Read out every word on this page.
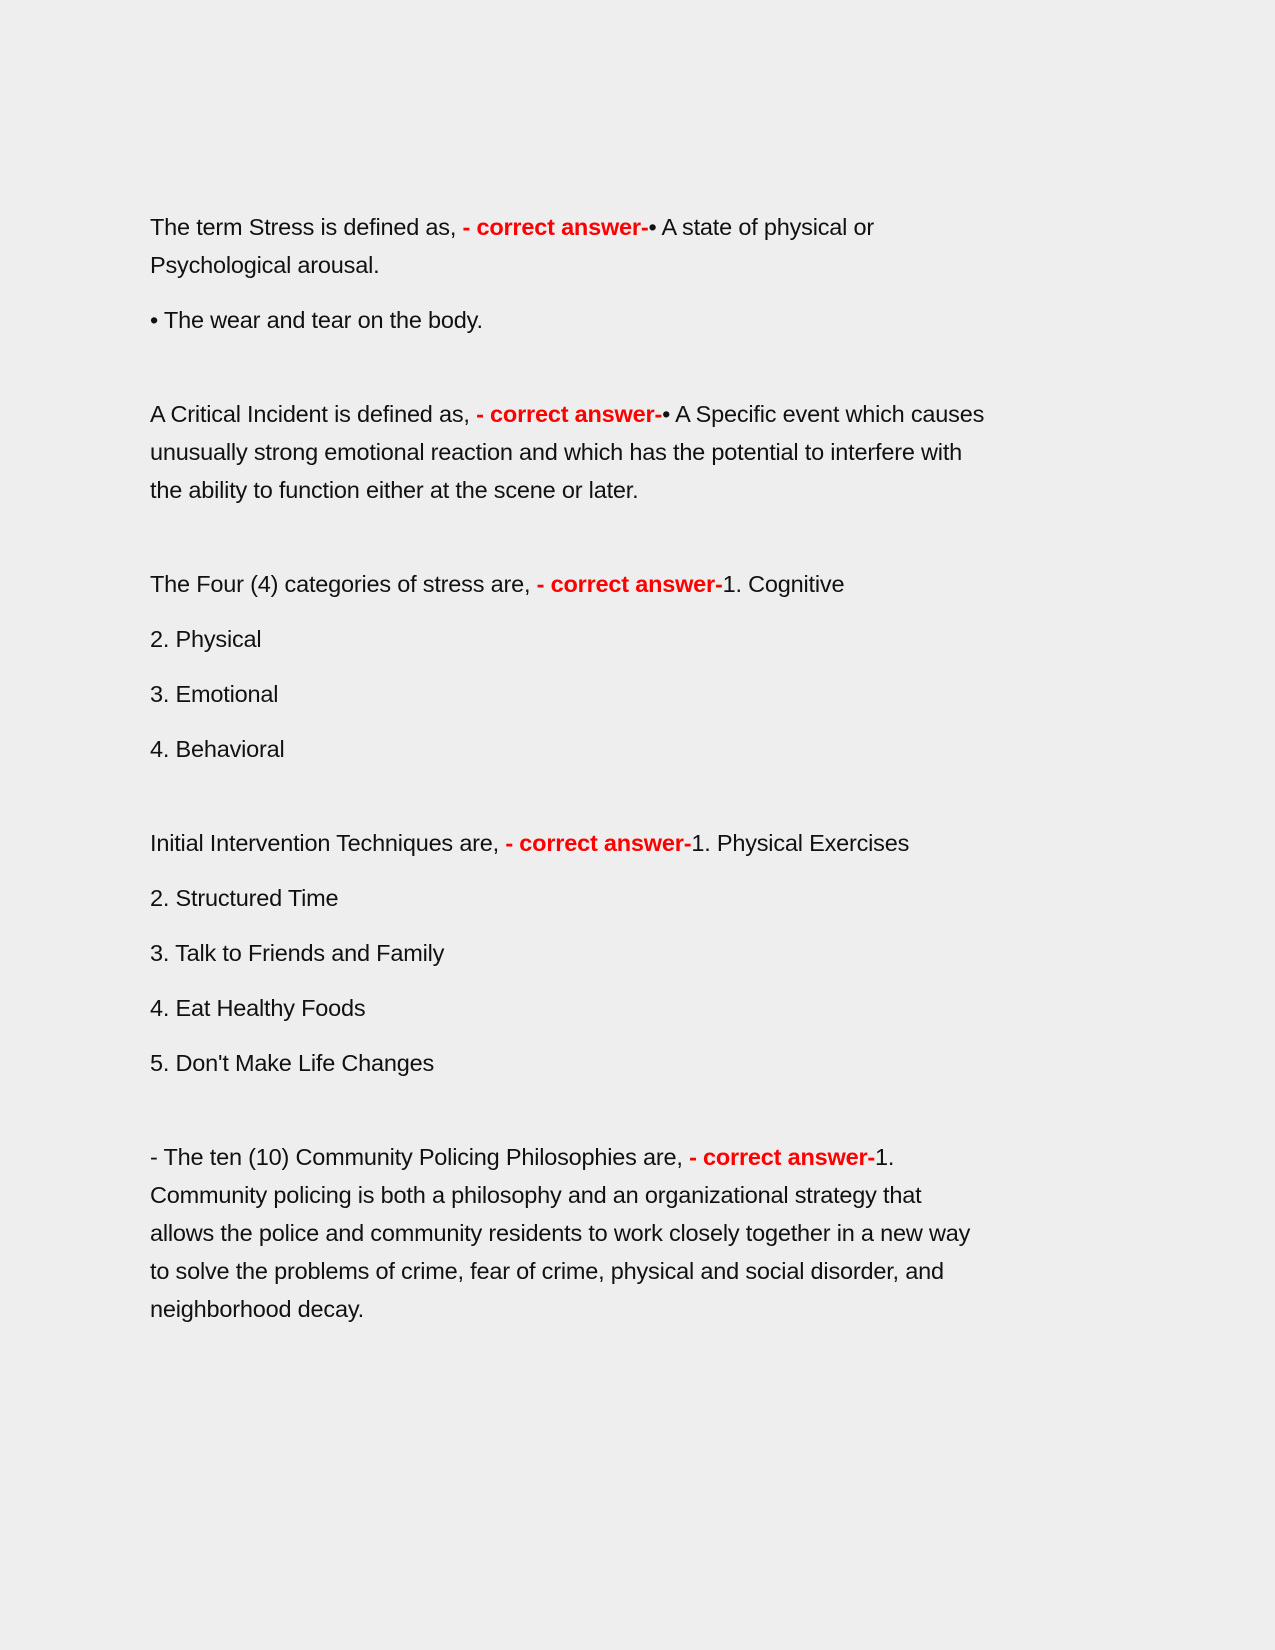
The term Stress is defined as, - correct answer-• A state of physical or
Psychological arousal.
• The wear and tear on the body.
A Critical Incident is defined as, - correct answer-• A Specific event which causes
unusually strong emotional reaction and which has the potential to interfere with
the ability to function either at the scene or later.
The Four (4) categories of stress are, - correct answer-1. Cognitive
2. Physical
3. Emotional
4. Behavioral
Initial Intervention Techniques are, - correct answer-1. Physical Exercises
2. Structured Time
3. Talk to Friends and Family
4. Eat Healthy Foods
5. Don't Make Life Changes
- The ten (10) Community Policing Philosophies are, - correct answer-1.
Community policing is both a philosophy and an organizational strategy that
allows the police and community residents to work closely together in a new way
to solve the problems of crime, fear of crime, physical and social disorder, and
neighborhood decay.
